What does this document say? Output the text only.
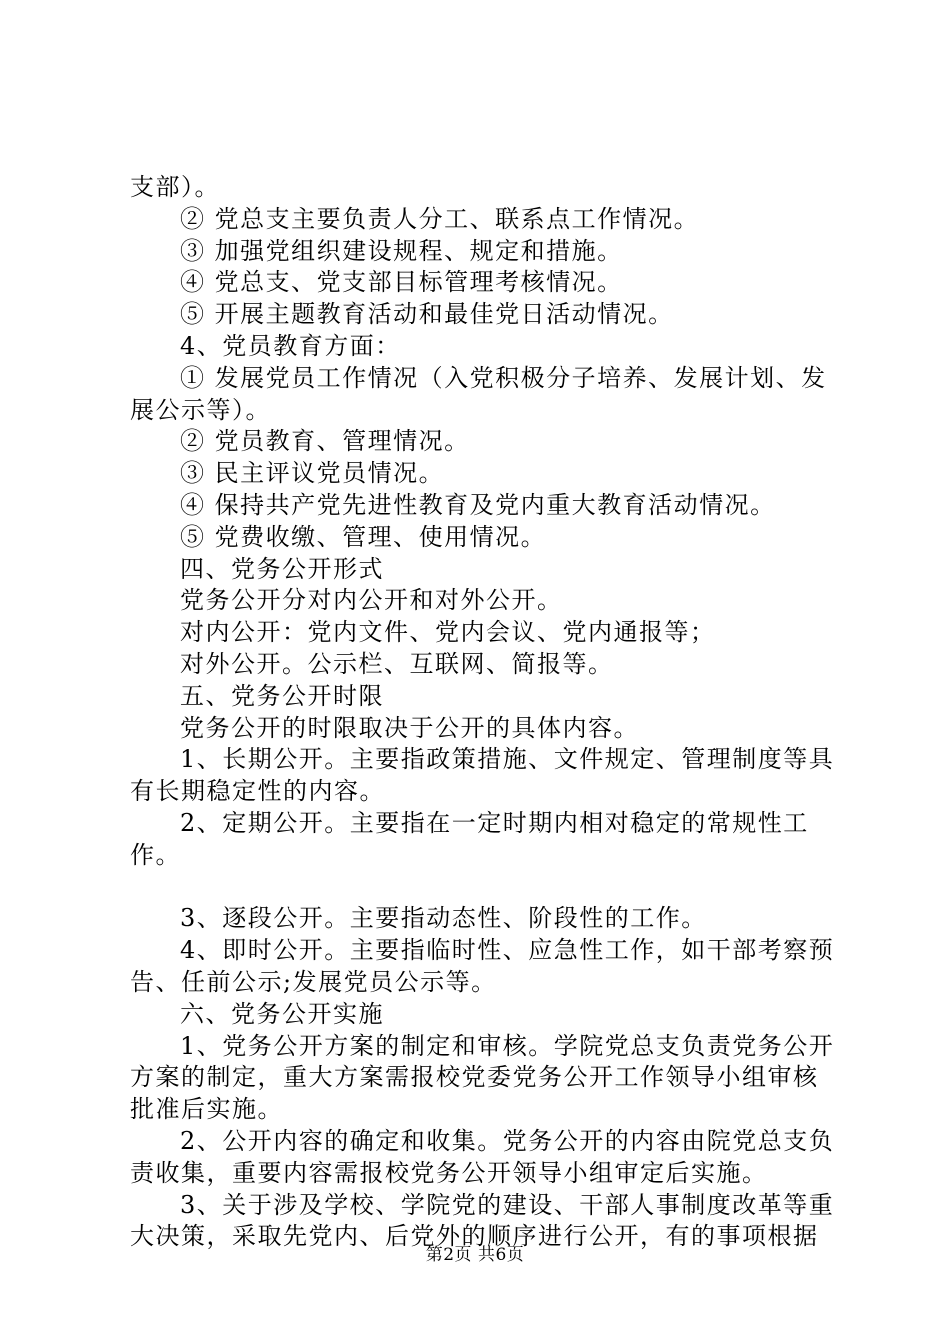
支部）。

② 党总支主要负责人分工、联系点工作情况。

③ 加强党组织建设规程、规定和措施。

④ 党总支、党支部目标管理考核情况。

⑤ 开展主题教育活动和最佳党日活动情况。

4、党员教育方面：

① 发展党员工作情况（入党积极分子培养、发展计划、发展公示等）。

② 党员教育、管理情况。

③ 民主评议党员情况。

④ 保持共产党先进性教育及党内重大教育活动情况。

⑤ 党费收缴、管理、使用情况。

四、党务公开形式

党务公开分对内公开和对外公开。

对内公开：党内文件、党内会议、党内通报等；

对外公开。公示栏、互联网、简报等。

五、党务公开时限

党务公开的时限取决于公开的具体内容。

1、长期公开。主要指政策措施、文件规定、管理制度等具有长期稳定性的内容。

2、定期公开。主要指在一定时期内相对稳定的常规性工作。

3、逐段公开。主要指动态性、阶段性的工作。

4、即时公开。主要指临时性、应急性工作，如干部考察预告、任前公示;发展党员公示等。

六、党务公开实施

1、党务公开方案的制定和审核。学院党总支负责党务公开方案的制定，重大方案需报校党委党务公开工作领导小组审核批准后实施。

2、公开内容的确定和收集。党务公开的内容由院党总支负责收集，重要内容需报校党务公开领导小组审定后实施。

3、关于涉及学校、学院党的建设、干部人事制度改革等重大决策，采取先党内、后党外的顺序进行公开，有的事项根据

第2页 共6页
